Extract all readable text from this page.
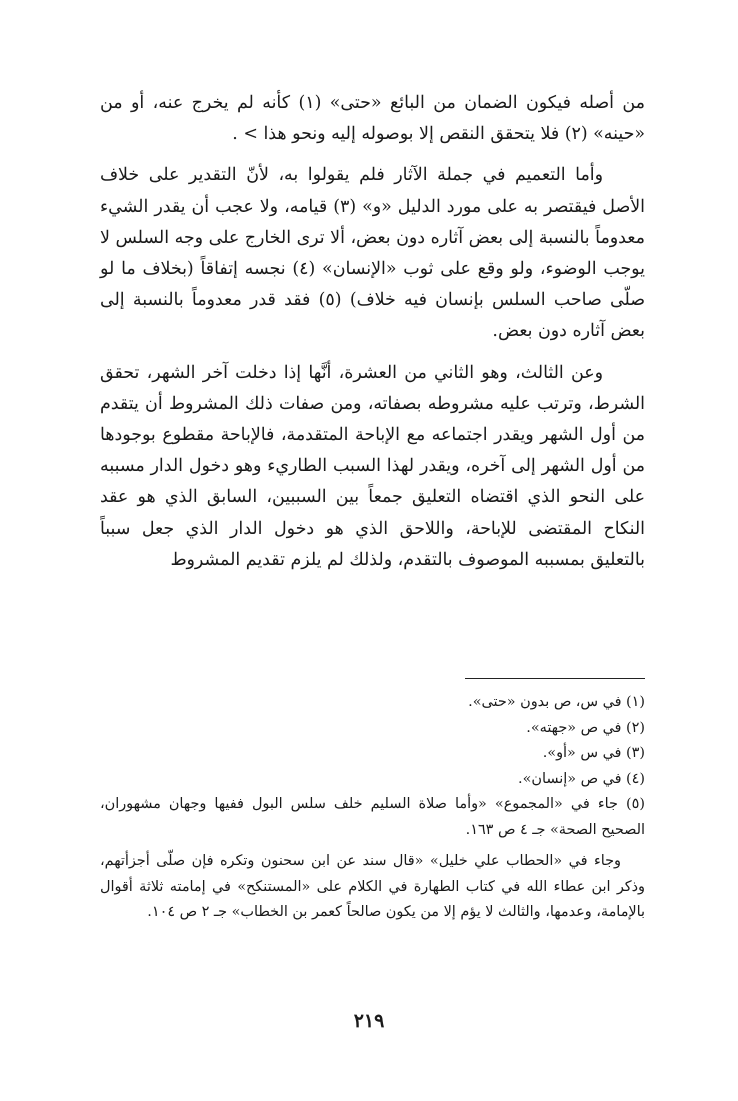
من أصله فيكون الضمان من البائع «حتى» (١) كأنه لم يخرج عنه، أو من «حينه» (٢) فلا يتحقق النقص إلا بوصوله إليه ونحو هذا > .

وأما التعميم في جملة الآثار فلم يقولوا به، لأنّ التقدير على خلاف الأصل فيقتصر به على مورد الدليل «و» (٣) قيامه، ولا عجب أن يقدر الشيء معدوماً بالنسبة إلى بعض آثاره دون بعض، ألا ترى الخارج على وجه السلس لا يوجب الوضوء، ولو وقع على ثوب «الإنسان» (٤) نجسه إتفاقاً (بخلاف ما لو صلّى صاحب السلس بإنسان فيه خلاف) (٥) فقد قدر معدوماً بالنسبة إلى بعض آثاره دون بعض.

وعن الثالث، وهو الثاني من العشرة، أنَّها إذا دخلت آخر الشهر، تحقق الشرط، وترتب عليه مشروطه بصفاته، ومن صفات ذلك المشروط أن يتقدم من أول الشهر ويقدر اجتماعه مع الإباحة المتقدمة، فالإباحة مقطوع بوجودها من أول الشهر إلى آخره، ويقدر لهذا السبب الطاريء وهو دخول الدار مسببه على النحو الذي اقتضاه التعليق جمعاً بين السببين، السابق الذي هو عقد النكاح المقتضى للإباحة، واللاحق الذي هو دخول الدار الذي جعل سبباً بالتعليق بمسببه الموصوف بالتقدم، ولذلك لم يلزم تقديم المشروط

(١) في س، ص بدون «حتى».

(٢) في ص «جهته».

(٣) في س «أو».

(٤) في ص «إنسان».

(٥) جاء في «المجموع» «وأما صلاة السليم خلف سلس البول ففيها وجهان مشهوران، الصحيح الصحة» جـ ٤ ص ١٦٣.

وجاء في «الحطاب علي خليل» «قال سند عن ابن سحنون وتكره فإن صلّى أجزأتهم، وذكر ابن عطاء الله في كتاب الطهارة في الكلام على «المستنكح» في إمامته ثلاثة أقوال بالإمامة، وعدمها، والثالث لا يؤم إلا من يكون صالحاً كعمر بن الخطاب» جـ ٢ ص ١٠٤.

٢١٩
